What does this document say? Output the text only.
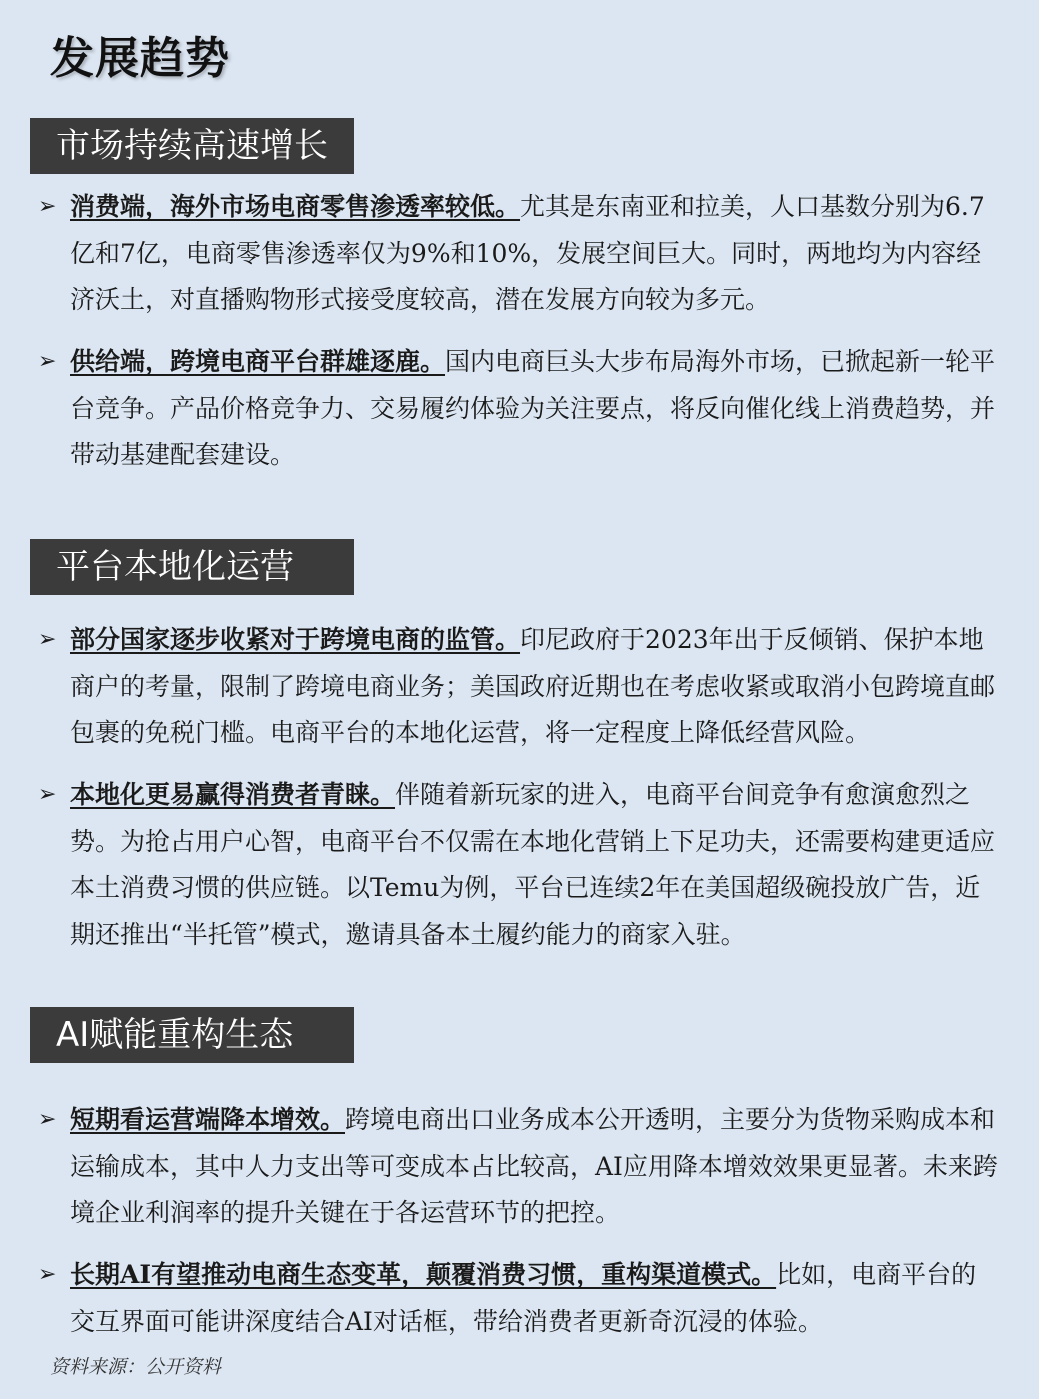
发展趋势
市场持续高速增长
➢ 消费端，海外市场电商零售渗透率较低。尤其是东南亚和拉美，人口基数分别为6.7亿和7亿，电商零售渗透率仅为9%和10%，发展空间巨大。同时，两地均为内容经济沃土，对直播购物形式接受度较高，潜在发展方向较为多元。
➢ 供给端，跨境电商平台群雄逐鹿。国内电商巨头大步布局海外市场，已掀起新一轮平台竞争。产品价格竞争力、交易履约体验为关注要点，将反向催化线上消费趋势，并带动基建配套建设。
平台本地化运营
➢ 部分国家逐步收紧对于跨境电商的监管。印尼政府于2023年出于反倾销、保护本地商户的考量，限制了跨境电商业务；美国政府近期也在考虑收紧或取消小包跨境直邮包裹的免税门槛。电商平台的本地化运营，将一定程度上降低经营风险。
➢ 本地化更易赢得消费者青睐。伴随着新玩家的进入，电商平台间竞争有愈演愈烈之势。为抢占用户心智，电商平台不仅需在本地化营销上下足功夫，还需要构建更适应本土消费习惯的供应链。以Temu为例，平台已连续2年在美国超级碗投放广告，近期还推出“半托管”模式，邀请具备本土履约能力的商家入驻。
AI赋能重构生态
➢ 短期看运营端降本增效。跨境电商出口业务成本公开透明，主要分为货物采购成本和运输成本，其中人力支出等可变成本占比较高，AI应用降本增效效果更显著。未来跨境企业利润率的提升关键在于各运营环节的把控。
➢ 长期AI有望推动电商生态变革，颠覆消费习惯，重构渠道模式。比如，电商平台的交互界面可能讲深度结合AI对话框，带给消费者更新奇沉浸的体验。
资料来源：公开资料
